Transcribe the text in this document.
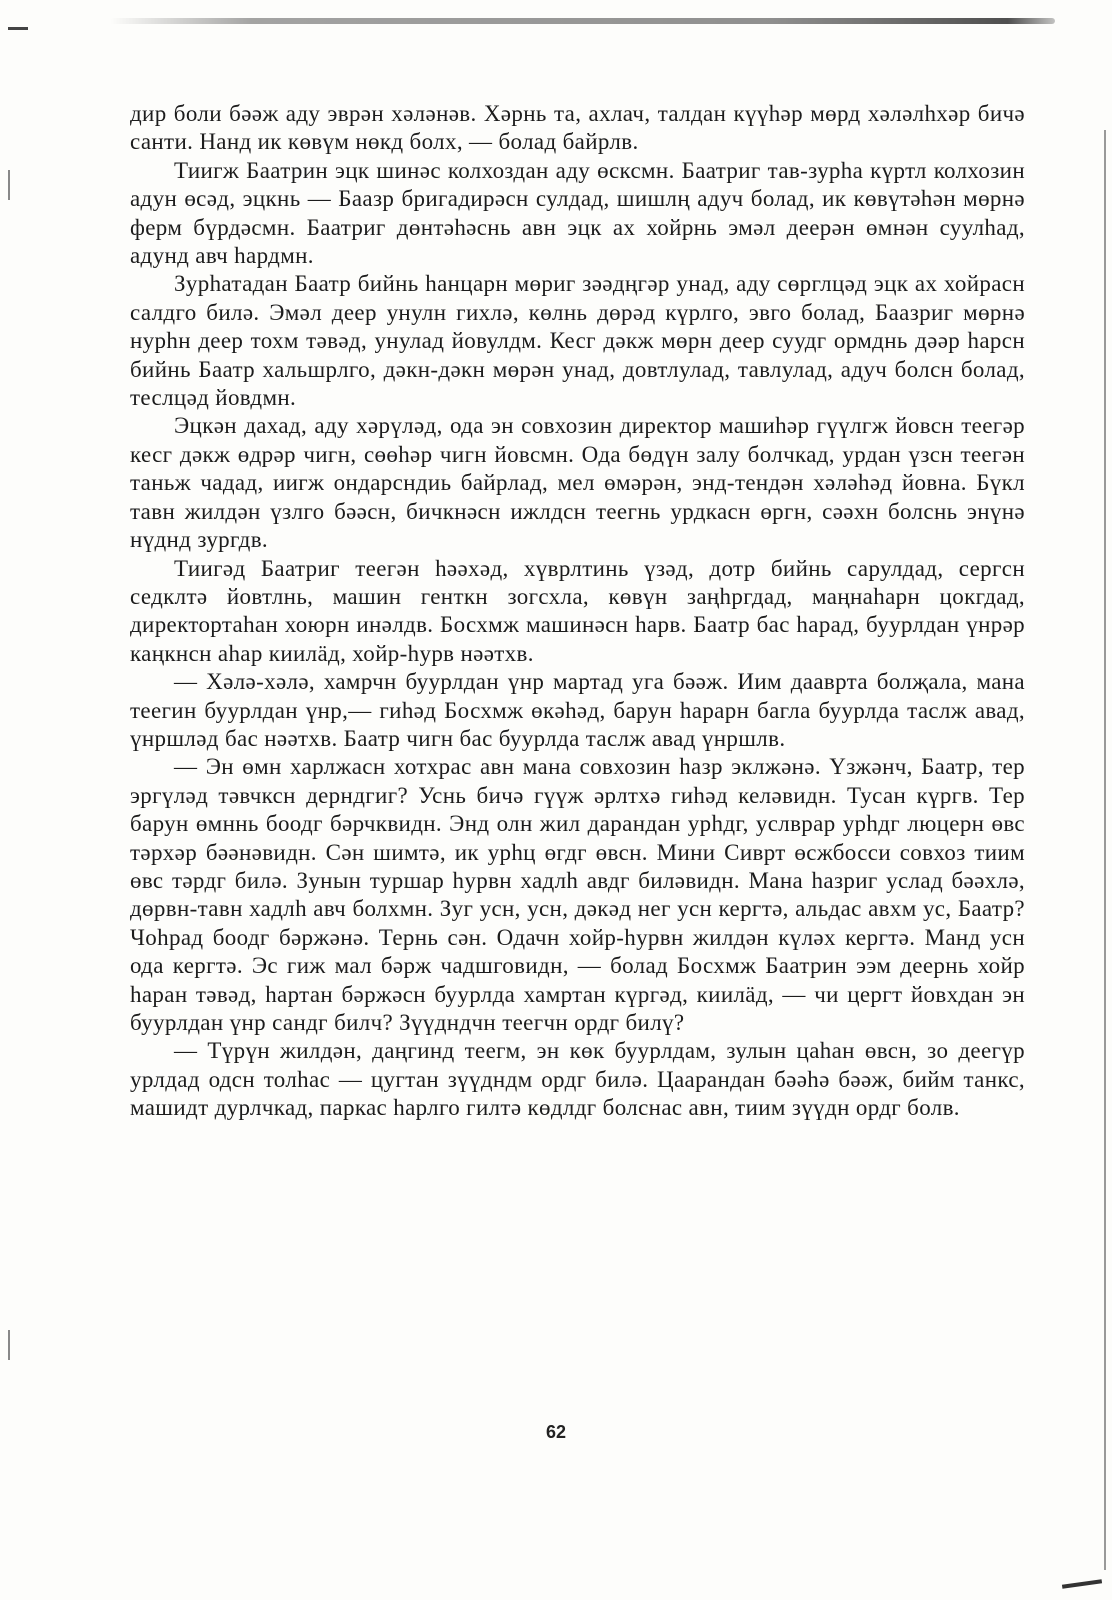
дир боли бәәж аду эврән хәләнәв. Хәрнь та, ахлач, талдан күүһәр мөрд хәләлһхәр бичә санти. Нанд ик көвүм нөкд болх, — болад байрлв.

Тиигж Баатрин эцк шинәс колхоздан аду өсксмн. Баатриг тав-зурһа күртл колхозин адун өсәд, эцкнь — Баазр бригадирәсн сулдад, шишлң адуч болад, ик көвүтәһән мөрнә ферм бүрдәсмн. Баатриг дөнтәһәснь авн эцк ах хойрнь эмәл деерән өмнән суулһад, адунд авч һардмн.

Зурһатадан Баатр бийнь һанцарн мөриг зәәдңгәр унад, аду сөрглцәд эцк ах хойрасн салдго билә. Эмәл деер унулн гихлә, көлнь дөрәд күрлго, эвго болад, Баазриг мөрнә нурһн деер тохм тәвәд, унулад йовулдм. Кесг дәкж мөрн деер суудг ормднь дәәр һарсн бийнь Баатр хальшрлго, дәкн-дәкн мөрән унад, довтлулад, тавлулад, адуч болсн болад, теслцәд йовдмн.

Эцкән дахад, аду хәрүләд, ода эн совхозин директор машиһәр гүүлгж йовсн теегәр кесг дәкж өдрәр чигн, сөөһәр чигн йовсмн. Ода бөдүн залу болчкад, урдан үзсн теегән таньж чадад, иигж ондарсндиь байрлад, мел өмәрән, энд-тендән хәләһәд йовна. Бүкл тавн жилдән үзлго бәәсн, бичкнәсн ижлдсн теегнь урдкасн өргн, сәәхн болснь энүнә нүднд зургдв.

Тиигәд Баатриг теегән һәәхәд, хүврлтинь үзәд, дотр бийнь сарулдад, сергсн седклтә йовтлнь, машин генткн зогсхла, көвүн заңһргдад, маңнаһарн цокгдад, директортаһан хоюрн инәлдв. Босхмж машинәсн һарв. Баатр бас һарад, буурлдан үнрәр каңкнсн аһар киилӓд, хойр-һурв нәәтхв.

— Хәлә-хәлә, хамрчн буурлдан үнр мартад уга бәәж. Иим дааврта болҗала, мана теегин буурлдан үнр,— гиһәд Босхмж өкәһәд, барун һарарн багла буурлда таслж авад, үнршләд бас нәәтхв. Баатр чигн бас буурлда таслж авад үнршлв.

— Эн өмн харлжасн хотхрас авн мана совхозин һазр эклжәнә. Үзжәнч, Баатр, тер эргүләд тәвчксн дерндгиг? Уснь бичә гүүж әрлтхә гиһәд келәвидн. Тусан күргв. Тер барун өмннь боодг бәрчквидн. Энд олн жил дарандан урһдг, услврар урһдг люцерн өвс тәрхәр бәәнәвидн. Сән шимтә, ик урһц өгдг өвсн. Мини Сиврт өсжбосси совхоз тиим өвс тәрдг билә. Зунын туршар һурвн хадлһ авдг биләвидн. Мана һазриг услад бәәхлә, дөрвн-тавн хадлһ авч болхмн. Зуг усн, усн, дәкәд нег усн кергтә, альдас авхм ус, Баатр? Чоһрад боодг бәржәнә. Тернь сән. Одачн хойр-һурвн жилдән күләх кергтә. Манд усн ода кергтә. Эс гиж мал бәрж чадшговидн, — болад Босхмж Баатрин ээм деернь хойр һаран тәвәд, һартан бәржәсн буурлда хамртан күргәд, киилӓд, — чи цергт йовхдан эн буурлдан үнр сандг билч? Зүүдндчн теегчн ордг билү?

— Түрүн жилдән, даңгинд теегм, эн көк буурлдам, зулын цаһан өвсн, зо деегүр урлдад одсн толһас — цугтан зүүдндм ордг билә. Цаарандан бәәһә бәәж, бийм танкс, машидт дурлчкад, паркас һарлго гилтә көдлдг болснас авн, тиим зүүдн ордг болв.

62
